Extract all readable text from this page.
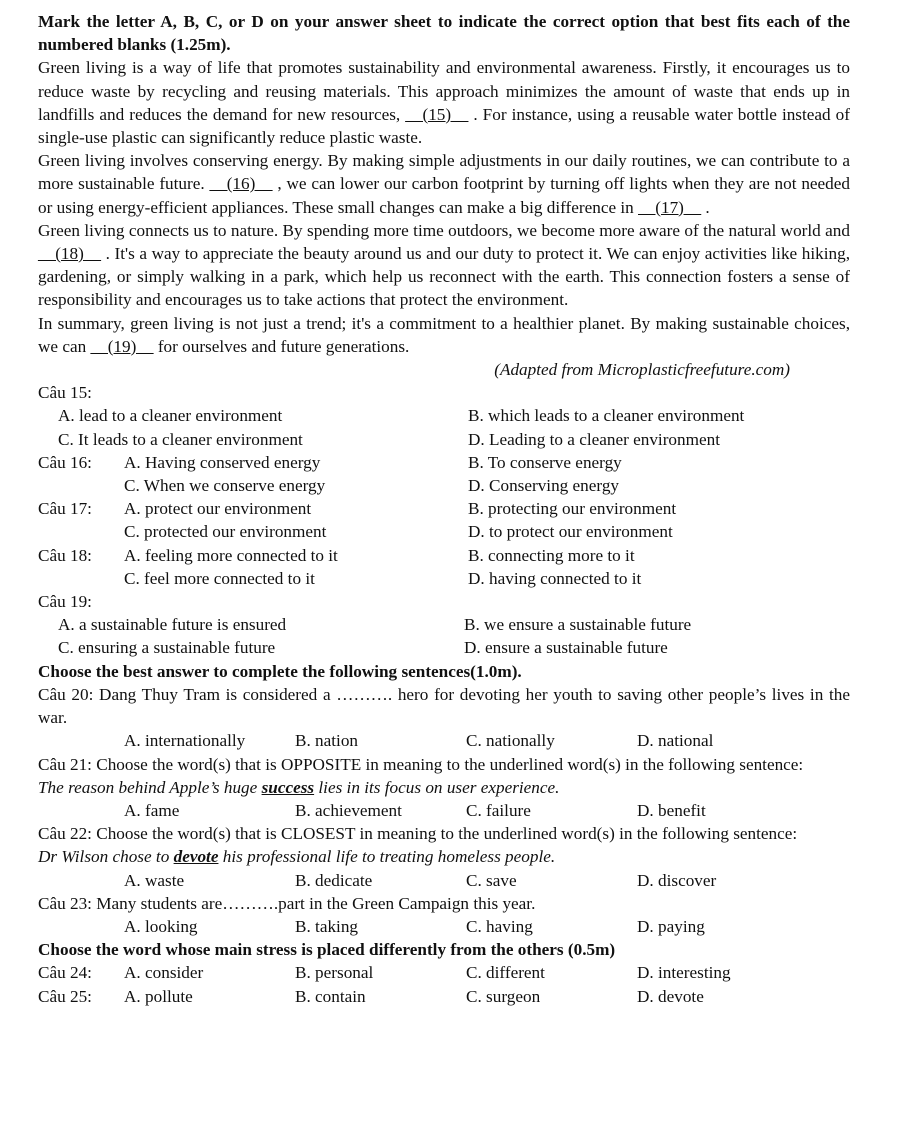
Mark the letter A, B, C, or D on your answer sheet to indicate the correct option that best fits each of the numbered blanks (1.25m).
Green living is a way of life that promotes sustainability and environmental awareness. Firstly, it encourages us to reduce waste by recycling and reusing materials. This approach minimizes the amount of waste that ends up in landfills and reduces the demand for new resources, __(15)__ . For instance, using a reusable water bottle instead of single-use plastic can significantly reduce plastic waste.
Green living involves conserving energy. By making simple adjustments in our daily routines, we can contribute to a more sustainable future. __(16)__ , we can lower our carbon footprint by turning off lights when they are not needed or using energy-efficient appliances. These small changes can make a big difference in __(17)__ .
Green living connects us to nature. By spending more time outdoors, we become more aware of the natural world and __(18)__ . It's a way to appreciate the beauty around us and our duty to protect it. We can enjoy activities like hiking, gardening, or simply walking in a park, which help us reconnect with the earth. This connection fosters a sense of responsibility and encourages us to take actions that protect the environment.
In summary, green living is not just a trend; it's a commitment to a healthier planet. By making sustainable choices, we can __(19)__ for ourselves and future generations.
(Adapted from Microplasticfreefuture.com)
Câu 15:
A. lead to a cleaner environment	B. which leads to a cleaner environment
C. It leads to a cleaner environment	D. Leading to a cleaner environment
Câu 16:	A. Having conserved energy	B. To conserve energy
C. When we conserve energy	D. Conserving energy
Câu 17:	A. protect our environment	B. protecting our environment
C. protected our environment	D. to protect our environment
Câu 18:	A. feeling more connected to it	B. connecting more to it
C. feel more connected to it	D. having connected to it
Câu 19:
A. a sustainable future is ensured	B. we ensure a sustainable future
C. ensuring a sustainable future	D. ensure a sustainable future
Choose the best answer to complete the following sentences(1.0m).
Câu 20: Dang Thuy Tram is considered a ………. hero for devoting her youth to saving other people’s lives in the war.
A. internationally	B. nation	C. nationally	D. national
Câu 21: Choose the word(s) that is OPPOSITE in meaning to the underlined word(s) in the following sentence:
The reason behind Apple’s huge success lies in its focus on user experience.
A. fame	B. achievement	C. failure	D. benefit
Câu 22: Choose the word(s) that is CLOSEST in meaning to the underlined word(s) in the following sentence:
Dr Wilson chose to devote his professional life to treating homeless people.
A. waste	B. dedicate	C. save	D. discover
Câu 23: Many students are……….part in the Green Campaign this year.
A. looking	B. taking	C. having	D. paying
Choose the word whose main stress is placed differently from the others (0.5m)
Câu 24:	A. consider	B. personal	C. different	D. interesting
Câu 25:	A. pollute	B. contain	C. surgeon	D. devote
